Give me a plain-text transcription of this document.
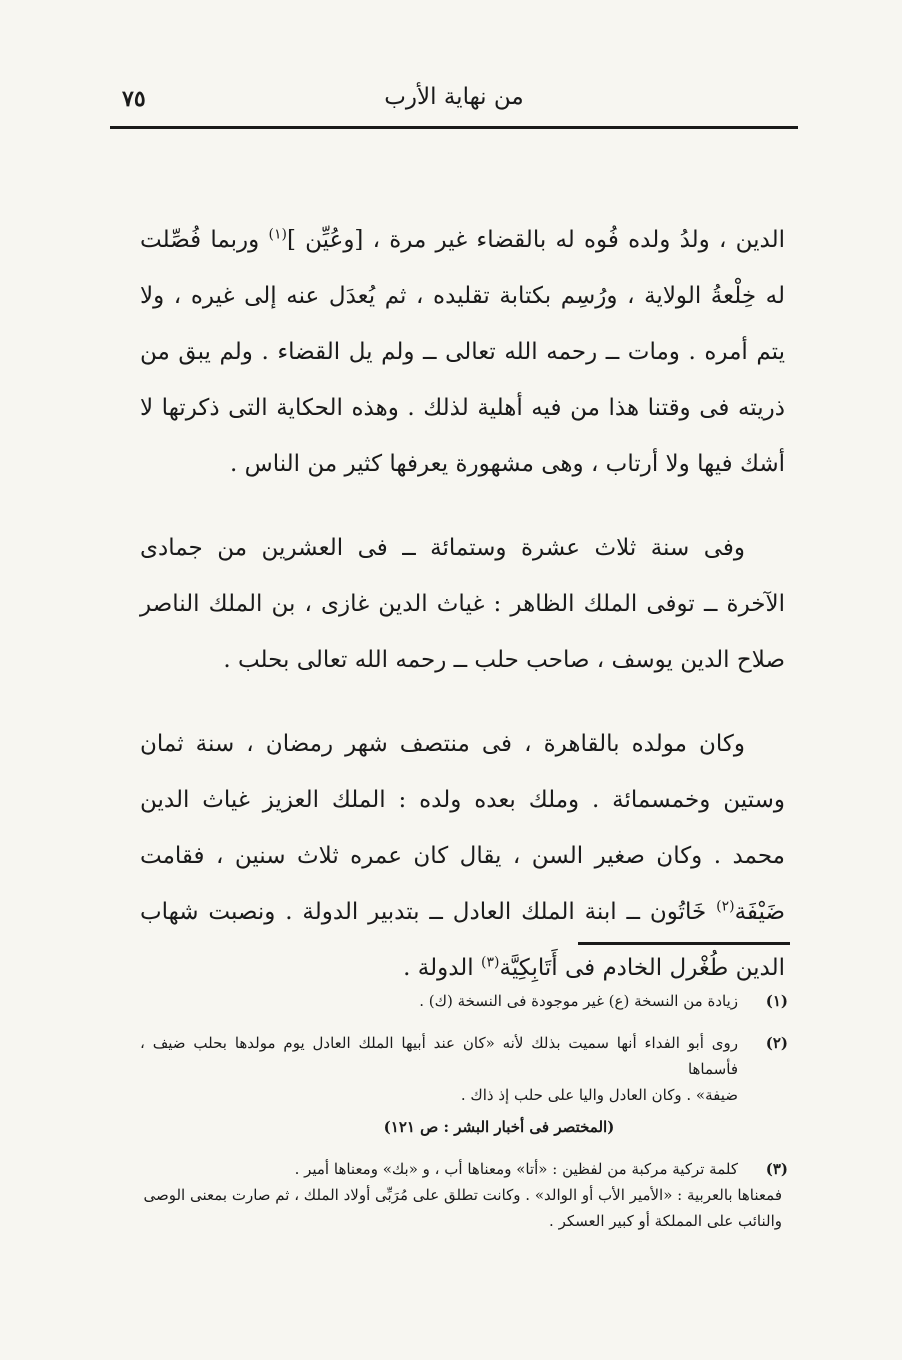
من نهاية الأرب
٧٥

الدين ، ولدُ ولده فُوه له بالقضاء غير مرة ، [وعُيِّن ]$^{(١)}$ وربما فُصِّلت له خِلْعةُ الولاية ، ورُسِم بكتابة تقليده ، ثم يُعدَل عنه إلى غيره ، ولا يتم أمره . ومات ــ رحمه الله تعالى ــ ولم يل القضاء . ولم يبق من ذريته فى وقتنا هذا من فيه أهلية لذلك . وهذه الحكاية التى ذكرتها لا أشك فيها ولا أرتاب ، وهى مشهورة يعرفها كثير من الناس .

وفى سنة ثلاث عشرة وستمائة ــ فى العشرين من جمادى الآخرة ــ توفى الملك الظاهر : غياث الدين غازى ، بن الملك الناصر صلاح الدين يوسف ، صاحب حلب ــ رحمه الله تعالى بحلب .

وكان مولده بالقاهرة ، فى منتصف شهر رمضان ، سنة ثمان وستين وخمسمائة . وملك بعده ولده : الملك العزيز غياث الدين محمد . وكان صغير السن ، يقال كان عمره ثلاث سنين ، فقامت ضَيْفَة$^{(٢)}$ خَاتُون ــ ابنة الملك العادل ــ بتدبير الدولة . ونصبت شهاب الدين طُغْرل الخادم فى أَتَابِكِيَّة$^{(٣)}$ الدولة .

(١)
زيادة من النسخة (ع) غير موجودة فى النسخة (ك) .
(٢)
روى أبو الفداء أنها سميت بذلك لأنه «كان عند أبيها الملك العادل يوم مولدها بحلب ضيف ، فأسماها
ضيفة» . وكان العادل واليا على حلب إذ ذاك .
(المختصر فى أخبار البشر : ص ١٢١)
(٣)
كلمة تركية مركبة من لفظين : «أتا» ومعناها أب ، و «بك» ومعناها أمير .
فمعناها بالعربية : «الأمير الأب أو الوالد» . وكانت تطلق على مُرَبِّى أولاد الملك ، ثم صارت بمعنى الوصى
والنائب على المملكة أو كبير العسكر .
